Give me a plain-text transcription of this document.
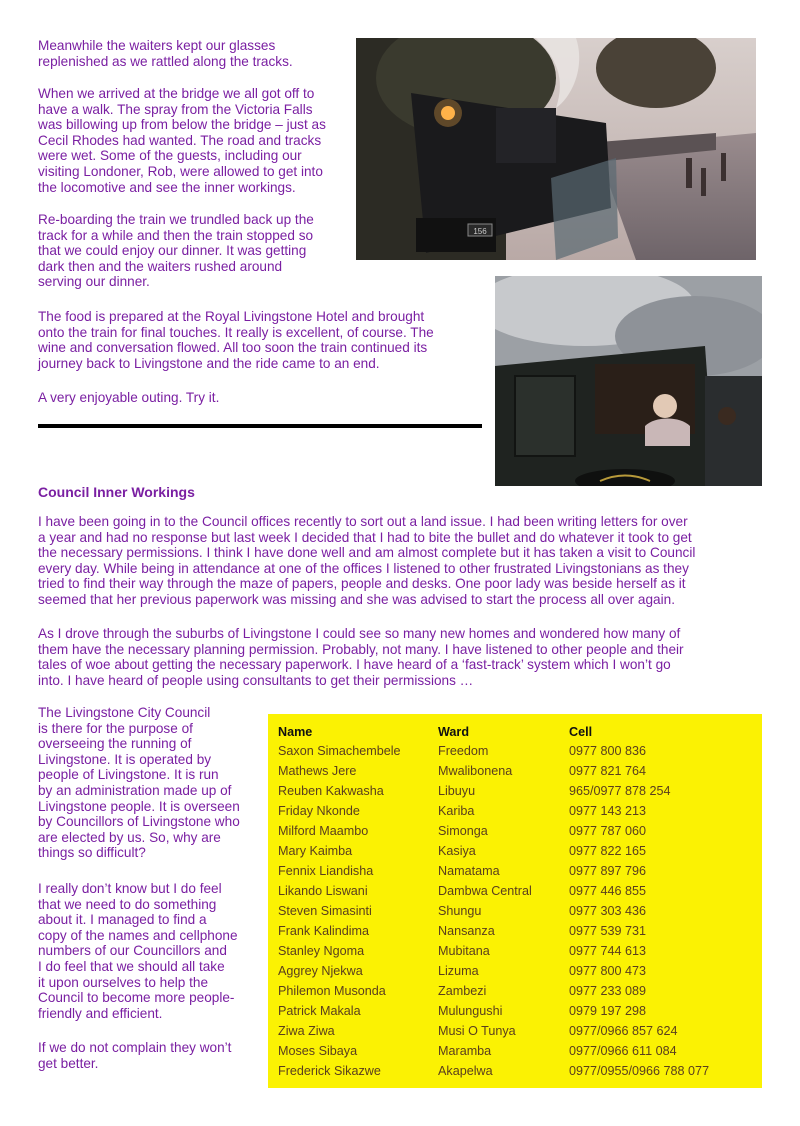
Meanwhile the waiters kept our glasses
replenished as we rattled along the tracks.

When we arrived at the bridge we all got off to
have a walk. The spray from the Victoria Falls
was billowing up from below the bridge – just as
Cecil Rhodes had wanted. The road and tracks
were wet. Some of the guests, including our
visiting Londoner, Rob, were allowed to get into
the locomotive and see the inner workings.

Re-boarding the train we trundled back up the
track for a while and then the train stopped so
that we could enjoy our dinner. It was getting
dark then and the waiters rushed around
serving our dinner.

The food is prepared at the Royal Livingstone Hotel and brought
onto the train for final touches. It really is excellent, of course. The
wine and conversation flowed. All too soon the train continued its
journey back to Livingstone and the ride came to an end.

A very enjoyable outing. Try it.

156
Council Inner Workings

I have been going in to the Council offices recently to sort out a land issue. I had been writing letters for over
a year and had no response but last week I decided that I had to bite the bullet and do whatever it took to get
the necessary permissions. I think I have done well and am almost complete but it has taken a visit to Council
every day. While being in attendance at one of the offices I listened to other frustrated Livingstonians as they
tried to find their way through the maze of papers, people and desks. One poor lady was beside herself as it
seemed that her previous paperwork was missing and she was advised to start the process all over again.

As I drove through the suburbs of Livingstone I could see so many new homes and wondered how many of
them have the necessary planning permission. Probably, not many. I have listened to other people and their
tales of woe about getting the necessary paperwork. I have heard of a ‘fast-track’ system which I won’t go
into. I have heard of people using consultants to get their permissions …

The Livingstone City Council
is there for the purpose of
overseeing the running of
Livingstone. It is operated by
people of Livingstone. It is run
by an administration made up of
Livingstone people. It is overseen
by Councillors of Livingstone who
are elected by us. So, why are
things so difficult?

I really don’t know but I do feel
that we need to do something
about it. I managed to find a
copy of the names and cellphone
numbers of our Councillors and
I do feel that we should all take
it upon ourselves to help the
Council to become more people-
friendly and efficient.

If we do not complain they won’t
get better.

Name	Ward	Cell
Saxon Simachembele	Freedom	0977 800 836
Mathews Jere	Mwalibonena	0977 821 764
Reuben Kakwasha	Libuyu	965/0977 878 254
Friday Nkonde	Kariba	0977 143 213
Milford Maambo	Simonga	0977 787 060
Mary Kaimba	Kasiya	0977 822 165
Fennix Liandisha	Namatama	0977 897 796
Likando Liswani	Dambwa Central	0977 446 855
Steven Simasinti	Shungu	0977 303 436
Frank Kalindima	Nansanza	0977 539 731
Stanley Ngoma	Mubitana	0977 744 613
Aggrey Njekwa	Lizuma	0977 800 473
Philemon Musonda	Zambezi	0977 233 089
Patrick Makala	Mulungushi	0979 197 298
Ziwa Ziwa	Musi O Tunya	0977/0966 857 624
Moses Sibaya	Maramba	0977/0966 611 084
Frederick Sikazwe	Akapelwa	0977/0955/0966 788 077
